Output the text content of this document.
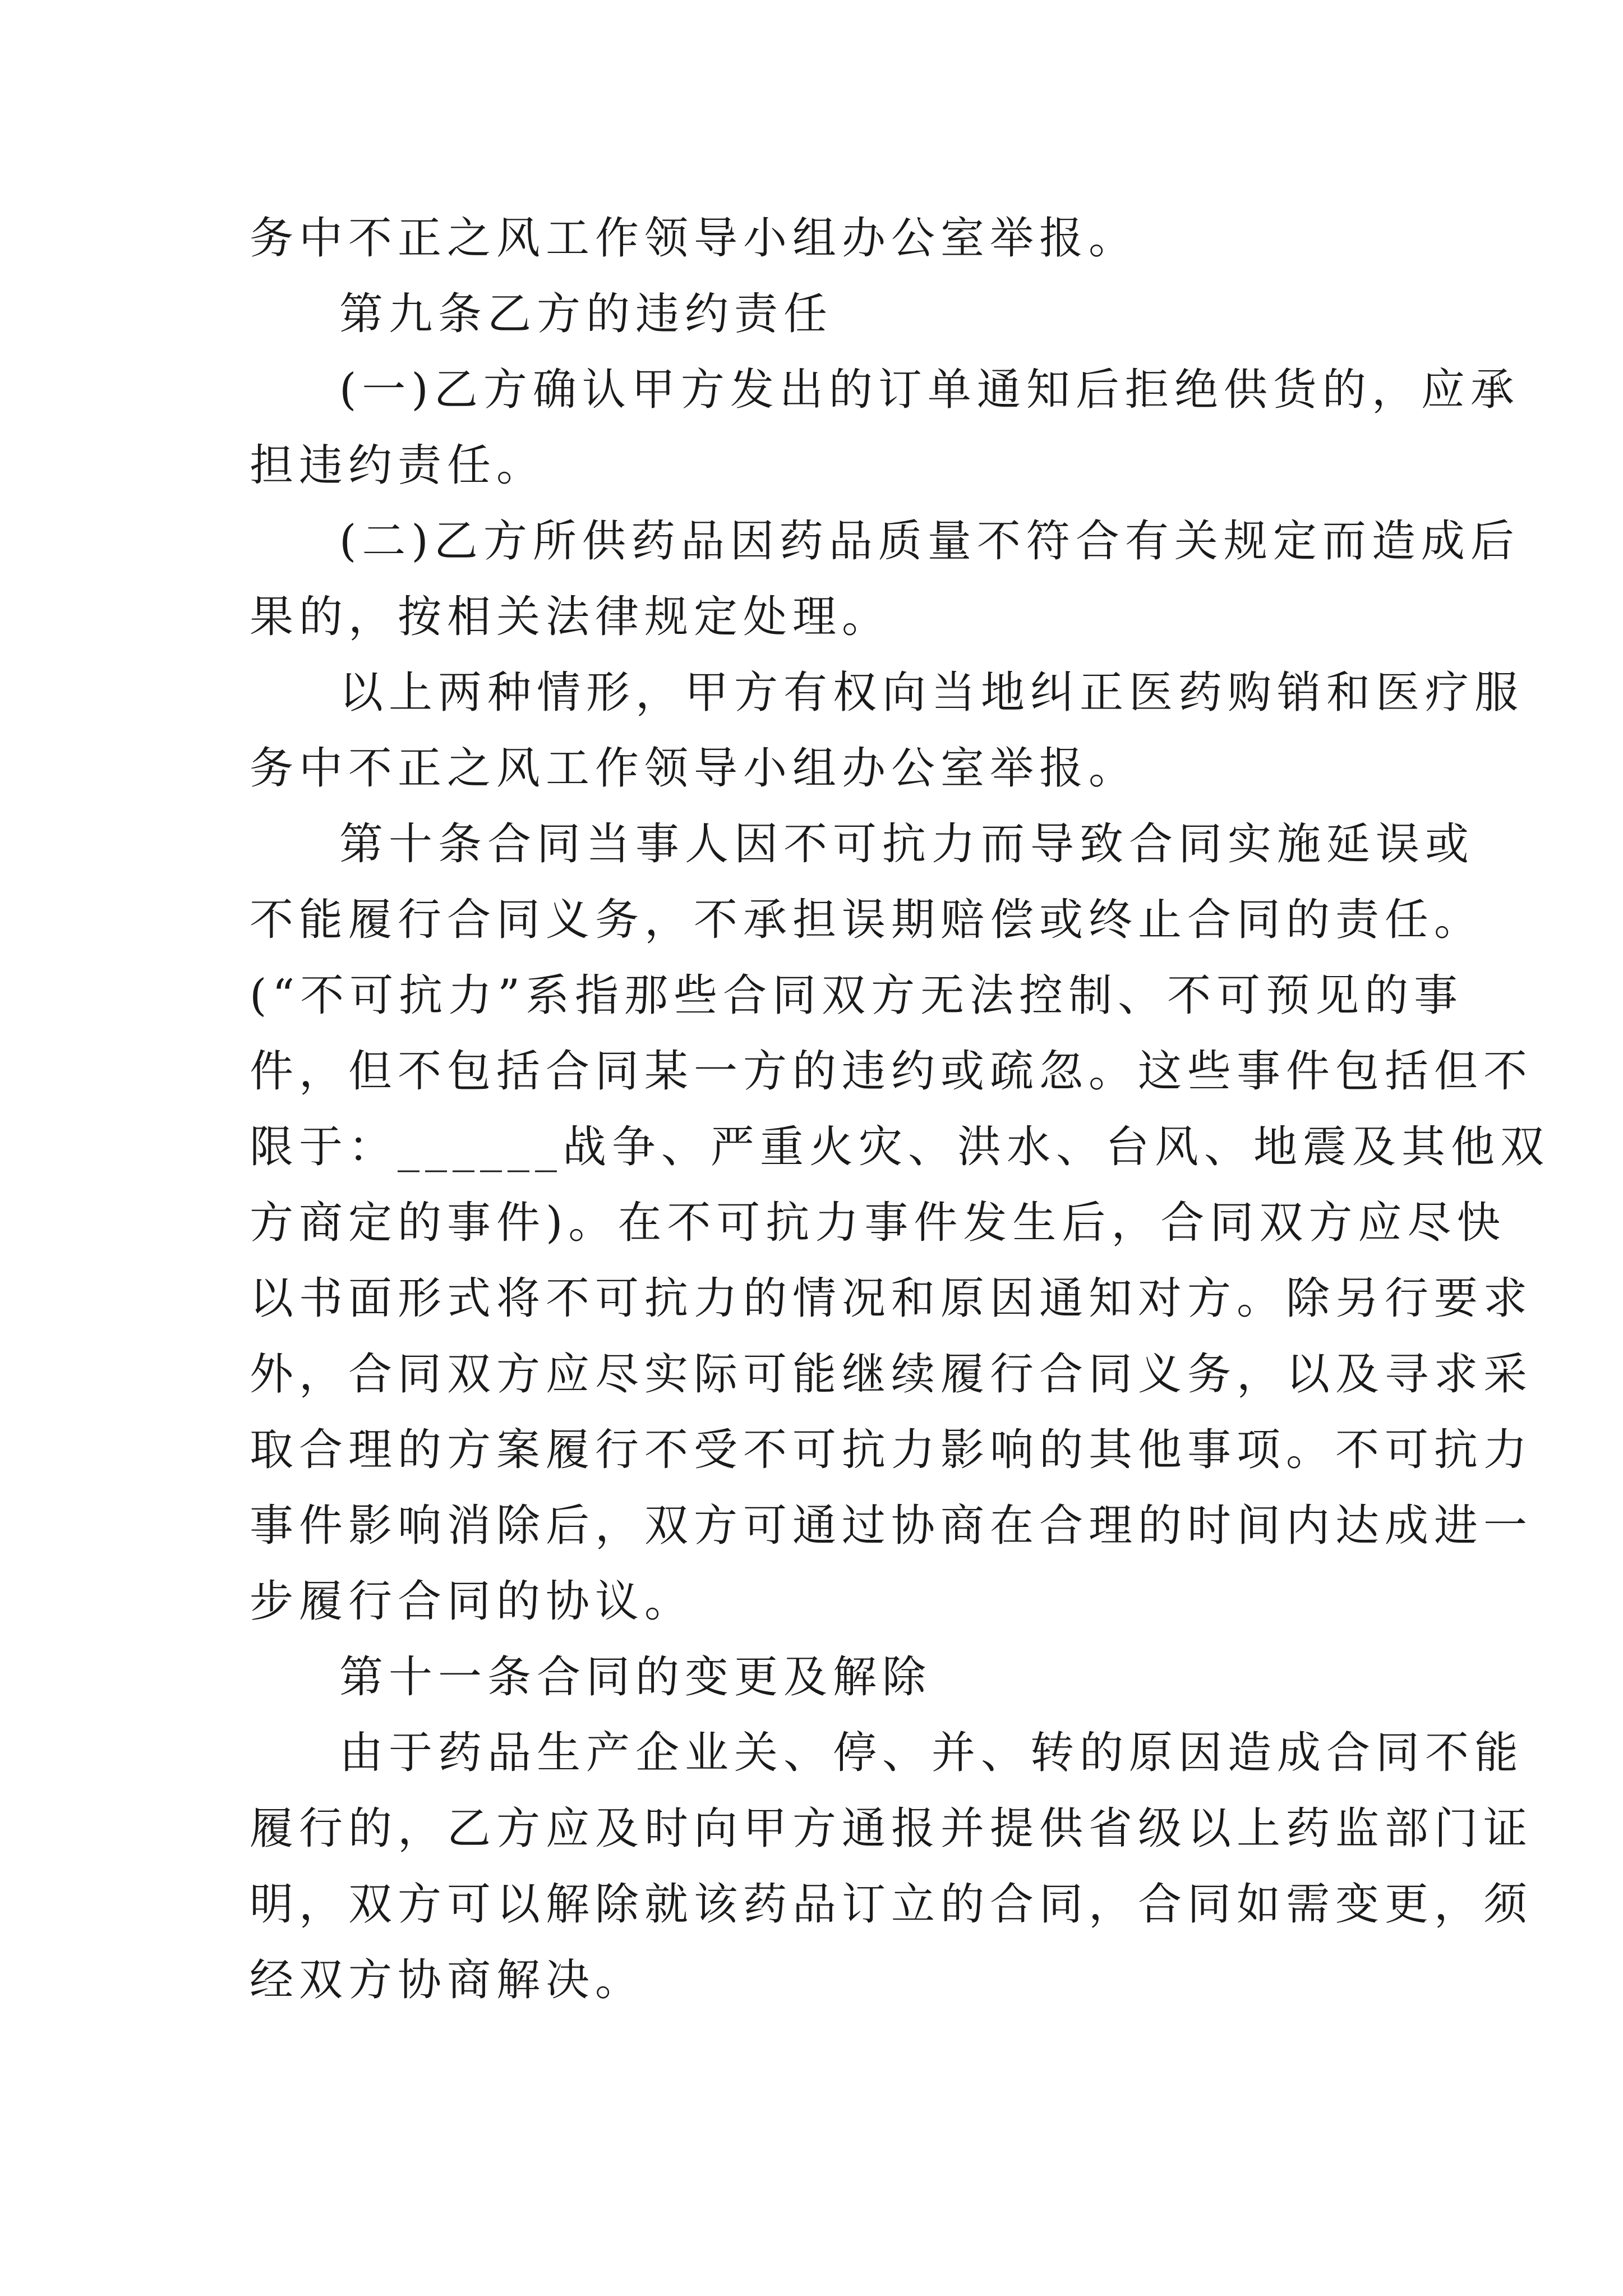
务中不正之风工作领导小组办公室举报。
第九条乙方的违约责任
(一)乙方确认甲方发出的订单通知后拒绝供货的，应承
担违约责任。
(二)乙方所供药品因药品质量不符合有关规定而造成后
果的，按相关法律规定处理。
以上两种情形，甲方有权向当地纠正医药购销和医疗服
务中不正之风工作领导小组办公室举报。
第十条合同当事人因不可抗力而导致合同实施延误或
不能履行合同义务，不承担误期赔偿或终止合同的责任。
(“不可抗力”系指那些合同双方无法控制、不可预见的事
件，但不包括合同某一方的违约或疏忽。这些事件包括但不
限于：______战争、严重火灾、洪水、台风、地震及其他双
方商定的事件)。在不可抗力事件发生后，合同双方应尽快
以书面形式将不可抗力的情况和原因通知对方。除另行要求
外，合同双方应尽实际可能继续履行合同义务，以及寻求采
取合理的方案履行不受不可抗力影响的其他事项。不可抗力
事件影响消除后，双方可通过协商在合理的时间内达成进一
步履行合同的协议。
第十一条合同的变更及解除
由于药品生产企业关、停、并、转的原因造成合同不能
履行的，乙方应及时向甲方通报并提供省级以上药监部门证
明，双方可以解除就该药品订立的合同，合同如需变更，须
经双方协商解决。
